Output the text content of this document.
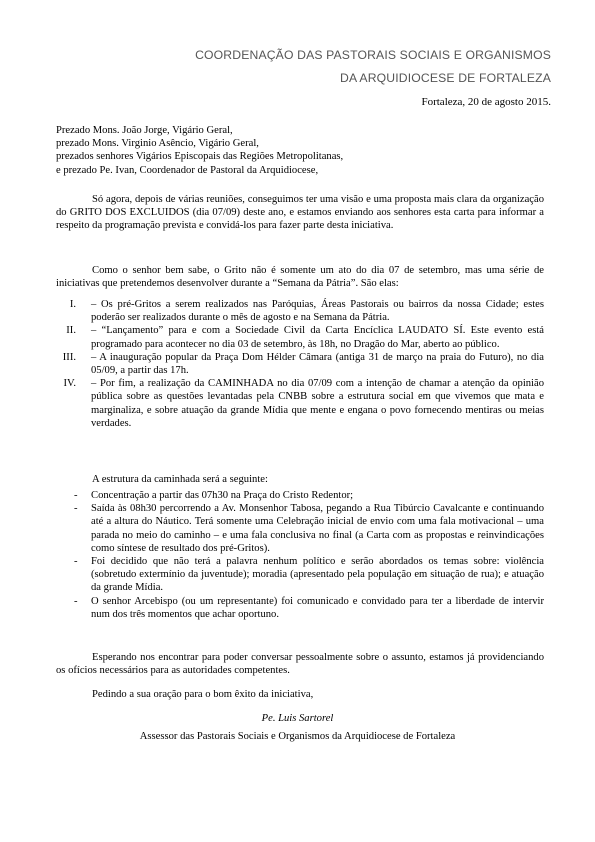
COORDENAÇÃO DAS PASTORAIS SOCIAIS E ORGANISMOS
DA ARQUIDIOCESE DE FORTALEZA
Fortaleza, 20 de agosto 2015.
Prezado Mons. João Jorge, Vigário Geral,
prezado Mons. Virginio Asêncio, Vigário Geral,
prezados senhores Vigários Episcopais das Regiões Metropolitanas,
e prezado Pe. Ivan, Coordenador de Pastoral da Arquidiocese,
Só agora, depois de várias reuniões, conseguimos ter uma visão e uma proposta mais clara da organização do GRITO DOS EXCLUIDOS (dia 07/09) deste ano, e estamos enviando aos senhores esta carta para informar a respeito da programação prevista e convidá-los para fazer parte desta iniciativa.
Como o senhor bem sabe, o Grito não é somente um ato do dia 07 de setembro, mas uma série de iniciativas que pretendemos desenvolver durante a “Semana da Pátria”. São elas:
I. – Os pré-Gritos a serem realizados nas Paróquias, Áreas Pastorais ou bairros da nossa Cidade; estes poderão ser realizados durante o mês de agosto e na Semana da Pátria.
II. – “Lançamento” para e com a Sociedade Civil da Carta Encíclica LAUDATO SÍ. Este evento está programado para acontecer no dia 03 de setembro, às 18h, no Dragão do Mar, aberto ao público.
III. – A inauguração popular da Praça Dom Hélder Câmara (antiga 31 de março na praia do Futuro), no dia 05/09, a partir das 17h.
IV. – Por fim, a realização da CAMINHADA no dia 07/09 com a intenção de chamar a atenção da opinião pública sobre as questões levantadas pela CNBB sobre a estrutura social em que vivemos que mata e marginaliza, e sobre atuação da grande Mídia que mente e engana o povo fornecendo mentiras ou meias verdades.
A estrutura da caminhada será a seguinte:
- Concentração a partir das 07h30 na Praça do Cristo Redentor;
- Saída às 08h30 percorrendo a Av. Monsenhor Tabosa, pegando a Rua Tibúrcio Cavalcante e continuando até a altura do Náutico. Terá somente uma Celebração inicial de envio com uma fala motivacional – uma parada no meio do caminho – e uma fala conclusiva no final (a Carta com as propostas e reinvindicações como síntese de resultado dos pré-Gritos).
- Foi decidido que não terá a palavra nenhum político e serão abordados os temas sobre: violência (sobretudo extermínio da juventude); moradia (apresentado pela população em situação de rua); e atuação da grande Mídia.
- O senhor Arcebispo (ou um representante) foi comunicado e convidado para ter a liberdade de intervir num dos três momentos que achar oportuno.
Esperando nos encontrar para poder conversar pessoalmente sobre o assunto, estamos já providenciando os ofícios necessários para as autoridades competentes.
Pedindo a sua oração para o bom êxito da iniciativa,
Pe. Luis Sartorel
Assessor das Pastorais Sociais e Organismos da Arquidiocese de Fortaleza
